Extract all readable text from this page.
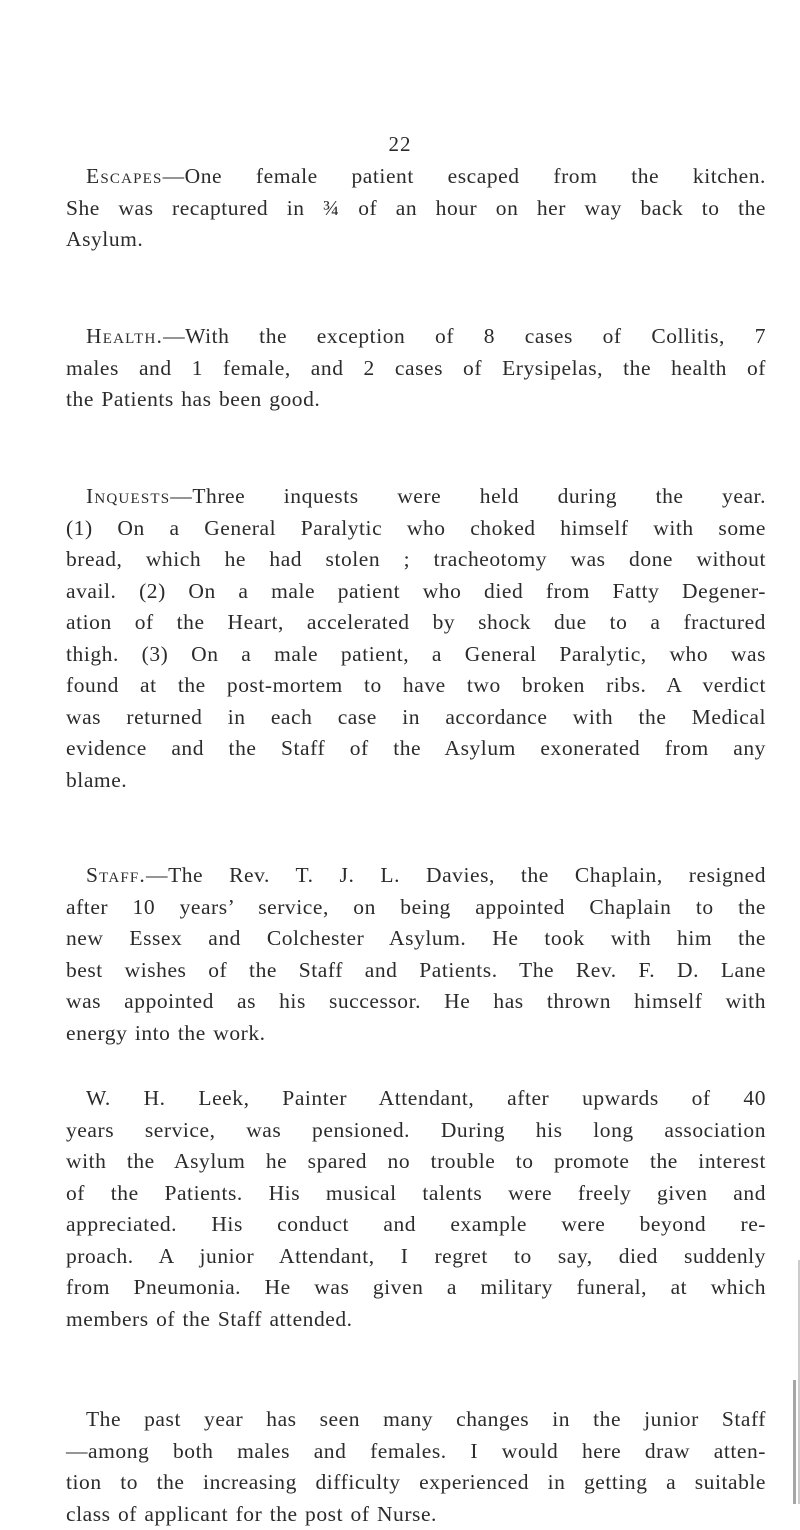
22
Escapes—One female patient escaped from the kitchen.
She was recaptured in ¾ of an hour on her way back to the
Asylum.
Health.—With the exception of 8 cases of Collitis, 7
males and 1 female, and 2 cases of Erysipelas, the health of
the Patients has been good.
Inquests—Three inquests were held during the year.
(1) On a General Paralytic who choked himself with some
bread, which he had stolen ; tracheotomy was done without
avail. (2) On a male patient who died from Fatty Degener-
ation of the Heart, accelerated by shock due to a fractured
thigh. (3) On a male patient, a General Paralytic, who was
found at the post-mortem to have two broken ribs. A verdict
was returned in each case in accordance with the Medical
evidence and the Staff of the Asylum exonerated from any
blame.
Staff.—The Rev. T. J. L. Davies, the Chaplain, resigned
after 10 years’ service, on being appointed Chaplain to the
new Essex and Colchester Asylum. He took with him the
best wishes of the Staff and Patients. The Rev. F. D. Lane
was appointed as his successor. He has thrown himself with
energy into the work.
W. H. Leek, Painter Attendant, after upwards of 40
years service, was pensioned. During his long association
with the Asylum he spared no trouble to promote the interest
of the Patients. His musical talents were freely given and
appreciated. His conduct and example were beyond re-
proach. A junior Attendant, I regret to say, died suddenly
from Pneumonia. He was given a military funeral, at which
members of the Staff attended.
The past year has seen many changes in the junior Staff
—among both males and females. I would here draw atten-
tion to the increasing difficulty experienced in getting a suitable
class of applicant for the post of Nurse.
